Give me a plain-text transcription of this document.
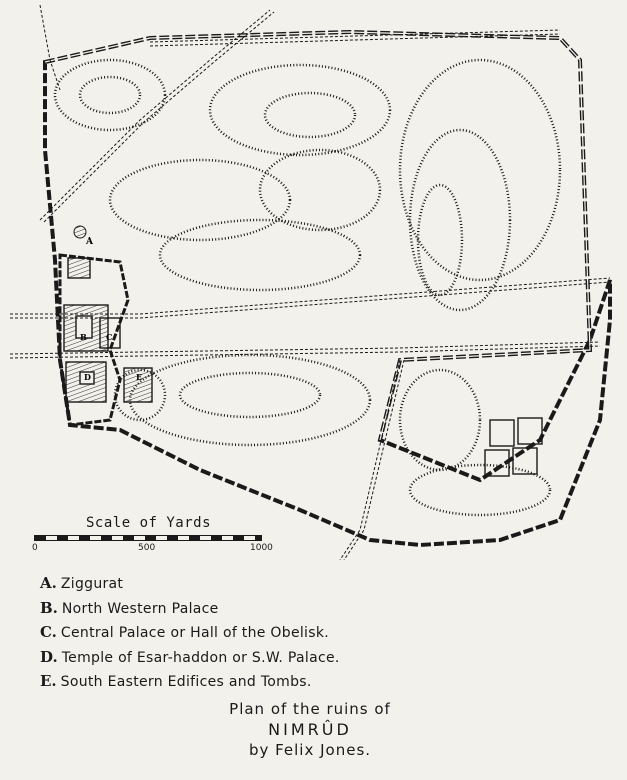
A
B C
D	E
Scale of Yards
0	500	1000
A. Ziggurat
B. North Western Palace
C. Central Palace or Hall of the Obelisk.
D. Temple of Esar-haddon or S.W. Palace.
E. South Eastern Edifices and Tombs.
Plan of the ruins of
NIMRÛD
by Felix Jones.
